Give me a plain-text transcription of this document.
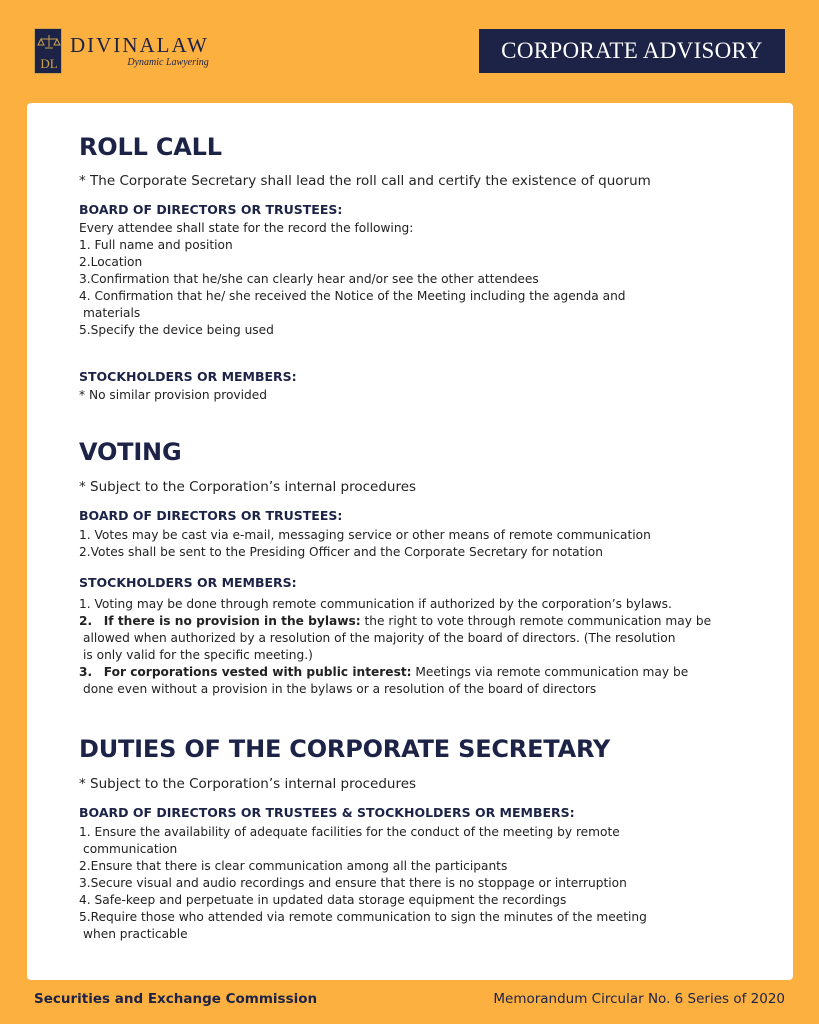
DL
DIVINALAW
Dynamic Lawyering	CORPORATE ADVISORY
ROLL CALL
* The Corporate Secretary shall lead the roll call and certify the existence of quorum
BOARD OF DIRECTORS OR TRUSTEES:
Every attendee shall state for the record the following:
1. Full name and position
2.Location
3.Confirmation that he/she can clearly hear and/or see the other attendees
4. Confirmation that he/ she received the Notice of the Meeting including the agenda and
materials
5.Specify the device being used
STOCKHOLDERS OR MEMBERS:
* No similar provision provided
VOTING
* Subject to the Corporation’s internal procedures
BOARD OF DIRECTORS OR TRUSTEES:
1. Votes may be cast via e-mail, messaging service or other means of remote communication
2.Votes shall be sent to the Presiding Officer and the Corporate Secretary for notation
STOCKHOLDERS OR MEMBERS:
1. Voting may be done through remote communication if authorized by the corporation’s bylaws.
2. If there is no provision in the bylaws: the right to vote through remote communication may be
allowed when authorized by a resolution of the majority of the board of directors. (The resolution
is only valid for the specific meeting.)
3. For corporations vested with public interest: Meetings via remote communication may be
done even without a provision in the bylaws or a resolution of the board of directors
DUTIES OF THE CORPORATE SECRETARY
* Subject to the Corporation’s internal procedures
BOARD OF DIRECTORS OR TRUSTEES & STOCKHOLDERS OR MEMBERS:
1. Ensure the availability of adequate facilities for the conduct of the meeting by remote
communication
2.Ensure that there is clear communication among all the participants
3.Secure visual and audio recordings and ensure that there is no stoppage or interruption
4. Safe-keep and perpetuate in updated data storage equipment the recordings
5.Require those who attended via remote communication to sign the minutes of the meeting
when practicable
Securities and Exchange Commission	Memorandum Circular No. 6 Series of 2020
